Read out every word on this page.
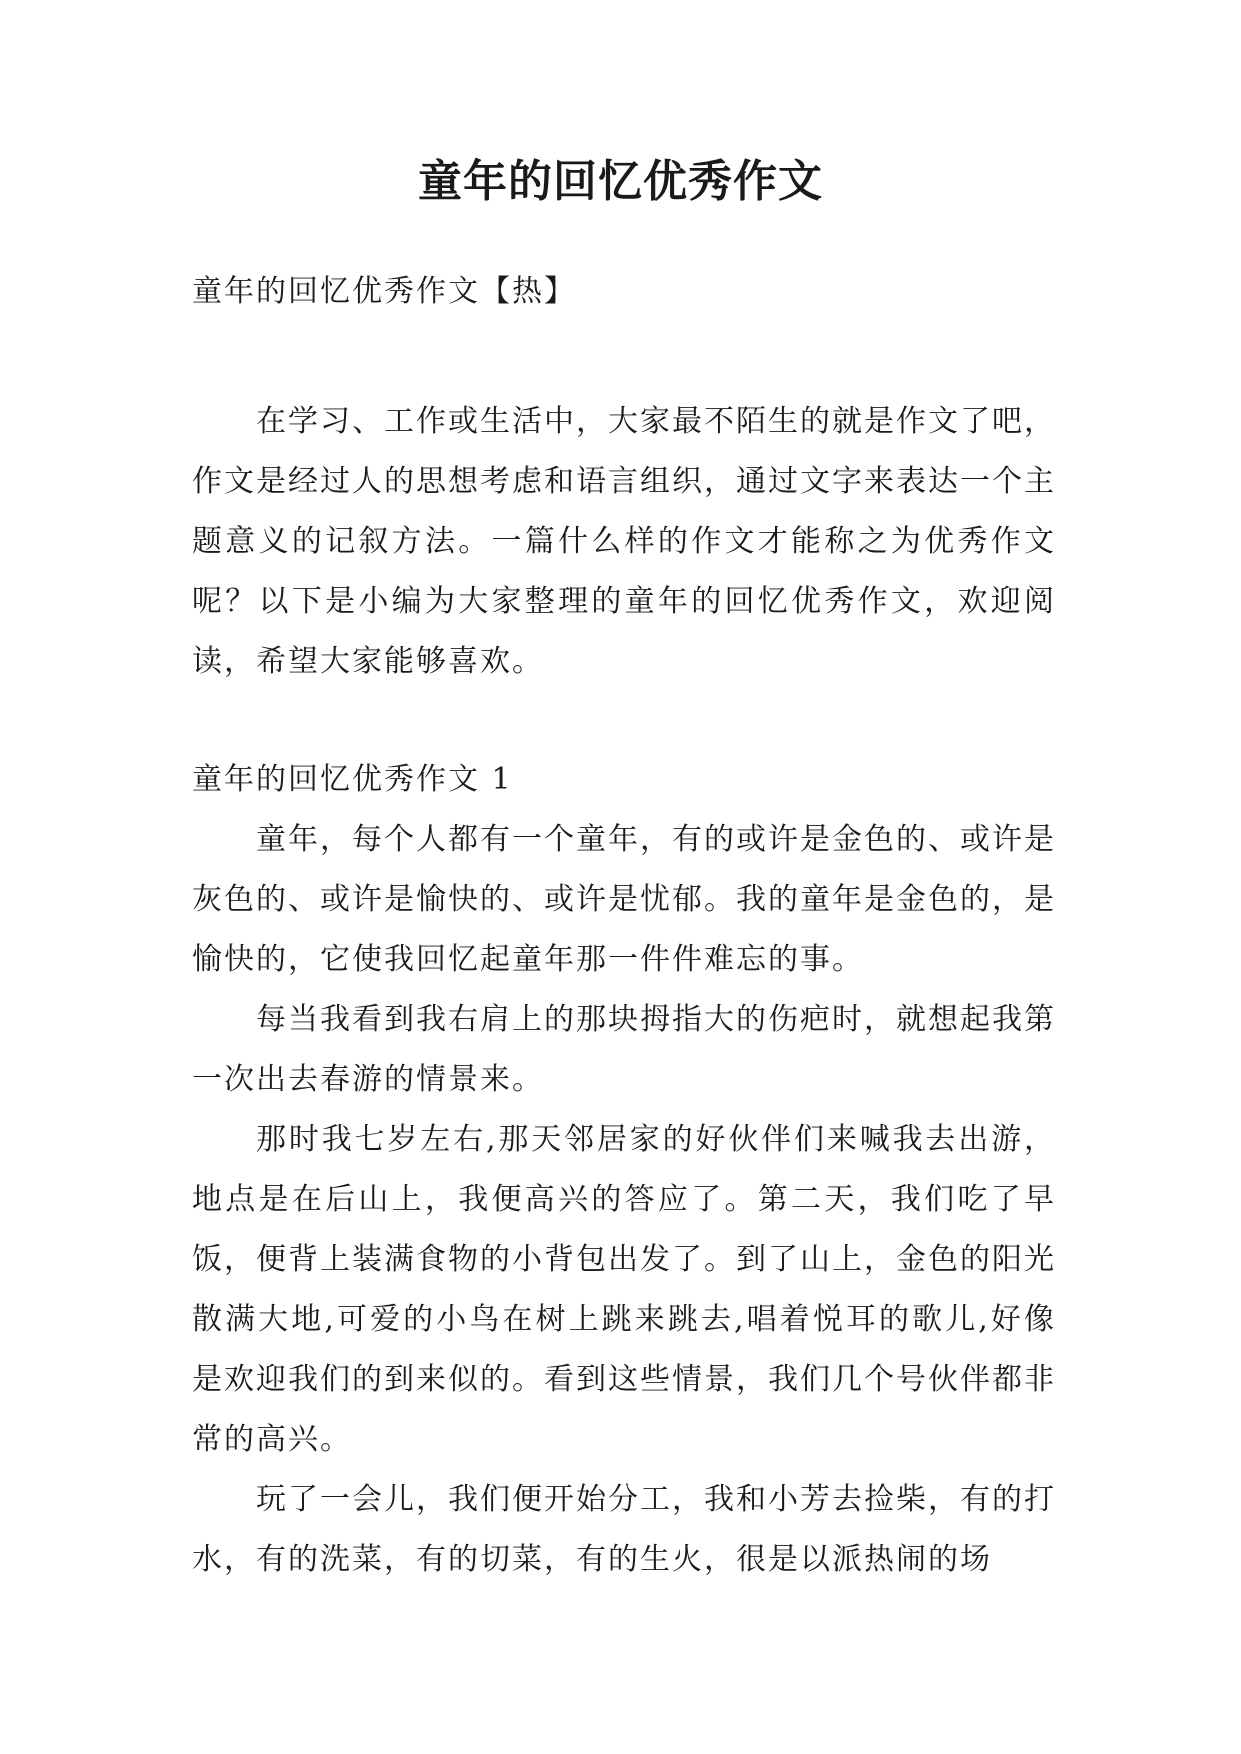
童年的回忆优秀作文

童年的回忆优秀作文【热】

在学习、工作或生活中，大家最不陌生的就是作文了吧，作文是经过人的思想考虑和语言组织，通过文字来表达一个主题意义的记叙方法。一篇什么样的作文才能称之为优秀作文呢？以下是小编为大家整理的童年的回忆优秀作文，欢迎阅读，希望大家能够喜欢。

童年的回忆优秀作文 1

童年，每个人都有一个童年，有的或许是金色的、或许是灰色的、或许是愉快的、或许是忧郁。我的童年是金色的，是愉快的，它使我回忆起童年那一件件难忘的事。

每当我看到我右肩上的那块拇指大的伤疤时，就想起我第一次出去春游的情景来。

那时我七岁左右,那天邻居家的好伙伴们来喊我去出游，地点是在后山上，我便高兴的答应了。第二天，我们吃了早饭，便背上装满食物的小背包出发了。到了山上，金色的阳光散满大地,可爱的小鸟在树上跳来跳去,唱着悦耳的歌儿,好像是欢迎我们的到来似的。看到这些情景，我们几个号伙伴都非常的高兴。

玩了一会儿，我们便开始分工，我和小芳去捡柴，有的打水，有的洗菜，有的切菜，有的生火，很是以派热闹的场
